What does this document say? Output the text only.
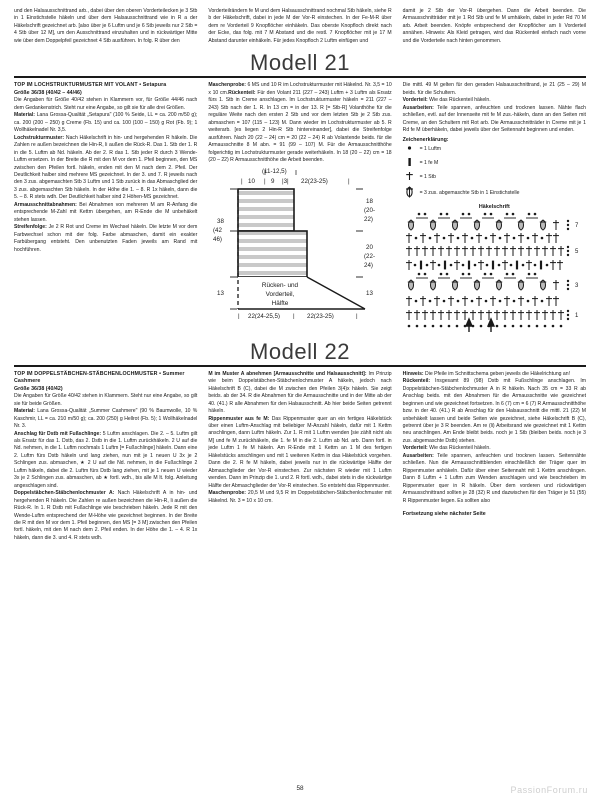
und den Halsausschnittrand arb., dabei über den oberen Vorderteilecken je 3 Stb in 1 Einstichstelle häkeln und über dem Halsausschnittrand wie in R a der Häkelschrift gezeichnet arb. [also über je 6 Luftm und je 6 Stb jeweils nur 2 Stb = 4 Stb über 12 M], um den Ausschnittrand einzuhalten und in rückwärtiger Mitte wie über dem Doppelpfeil gezeichnet 4 Stb ausführen. In folg. R über den

Vorderteilrändern fe M und dem Halsausschnittrand nochmal Stb häkeln, siehe R b der Häkelschrift, dabei in jede M der Vor-R einstechen. In der Fe-M-R über dem re Vorderteil 9 Knopflöcher einhäkeln. Das oberste Knopfloch direkt nach der Ecke, das folg. mit 7 M Abstand und die restl. 7 Knopflöcher mit je 17 M Abstand darunter einhäkeln. Für jedes Knopfloch 2 Luftm einfügen und

damit je 2 Stb der Vor-R übergehen. Dann die Arbeit beenden. Die Armausschnitträder mit je 1 Rd Stb und fe M umhäkeln, dabei in jeder Rd 70 M arb. Arbeit beenden. Knöpfe entsprechend der Knopflöcher am li Vorderteil annähen. Hinweis: Als Kleid getragen, wird das Rückenteil einfach nach vorne und die Vorderteile nach hinten genommen.

Modell 21
TOP IM LOCHSTRUKTURMUSTER MIT VOLANT • Setapura
Größe 36/38 (40/42 – 44/46)

Die Angaben für Größe 40/42 stehen in Klammern vor, für Größe 44/46 nach dem Gedankenstrich. Steht nur eine Angabe, so gilt sie für alle drei Größen.

Material: Lana Grossa-Qualität „Setapura" (100 % Seide, LL = ca. 200 m/50 g); ca. 200 (200 – 250) g Creme (Fb. 15) und ca. 100 (100 – 150) g Rot (Fb. 9); 1 Wollhäkelnadel Nr. 3,5.

Lochstrukturmuster: Nach Häkelschrift in hin- und hergehenden R häkeln. Die Zahlen re außen bezeichnen die Hin-R, li außen die Rück-R. Das 1. Stb der 1. R in die 5. Luftm ab Nd. häkeln. Ab der 2. R das 1. Stb jeder R durch 3 Wende-Luftm ersetzen. In der Breite die R mit den M vor dem 1. Pfeil beginnen, den MS zwischen den Pfeilen fortl. häkeln, enden mit den M nach dem 2. Pfeil. Der Deutlichkeit halber sind mehrere MS gezeichnet. In der 3. und 7. R jeweils nach den 3 zus. abgemaschten Stb 3 Luftm und 1 Stb zurück in das Abmaschglied der 3 zus. abgemaschten Stb häkeln. In der Höhe die 1. – 8. R 1x häkeln, dann die 5. – 8. R stets wdh. Der Deutlichkeit halber sind 2 Höhen-MS gezeichnet.

Armausschnittabnahmen: Bei Abnahmen von mehreren M am R-Anfang die entsprechende M-Zahl mit Kettm übergehen, am R-Ende die M unbehäkelt stehen lassen.

Streifenfolge: Je 2 R Rot und Creme im Wechsel häkeln. Die letzte M vor dem Farbwechsel schon mit der folg. Farbe abmaschen, damit ein exakter Farbübergang entsteht. Den unbenutzten Faden jeweils am Rand mit hochführen.

Maschenprobe: 6 MS und 10 R im Lochstrukturmuster mit Häkelnd. Nr. 3,5 = 10 x 10 cm.Rückenteil: Für den Volant 211 (227 – 243) Luftm + 3 Luftm als Ersatz fürs 1. Stb in Creme anschlagen. Im Lochstrukturmuster häkeln = 211 (227 – 243) Stb nach der 1. R. In 13 cm = in der 13. R [= Stb-R] Volanthöhe für die reguläre Weite nach den ersten 2 Stb und vor dem letzten Stb je 2 Stb zus. abmaschen = 107 (115 – 123) M. Dann wieder im Lochstrukturmuster ab 5. R weiterarb. [es liegen 2 Hin-R Stb hintereinander], dabei die Streifenfolge ausführen. Nach 20 (22 – 24) cm = 20 (22 – 24) R ab Volantende beids. für die Armausschnitte 8 M abn. = 91 (99 – 107) M. Für die Armausschnitthöhe folgerichtig im Lochstrukturmuster gerade weiterhäkeln. In 18 (20 – 22) cm = 18 (20 – 22) R Armausschnitthöhe die Arbeit beenden.

(11-12,5)
| 10 | 9 |3| 22(23-25)	|
38
(42
46)
13
18
(20-
22)
20
(22-
24)
13
Rücken- und
Vorderteil,
Hälfte
| 22(24-25,5) | 22(23-25)	|

Die mittl. 49 M gelten für den geraden Halsausschnittrand, je 21 (25 – 29) M beids. für die Schultern.

Vorderteil: Wie das Rückenteil häkeln.

Ausarbeiten: Teile spannen, anfeuchten und trocknen lassen. Nähte flach schließen, evtl. auf der Innenseite mit fe M zus.-häkeln, dann an den Seiten mit Creme, an den Schultern mit Rot arb. Die Armausschnitträder in Creme mit je 1 Rd fe M überhäkeln, dabei jeweils über der Seitennaht beginnen und enden.

Zeichenerklärung:
= 1 Luftm
= 1 fe M
= 1 Stb
= 3 zus. abgemaschte Stb in 1 Einstichstelle
Häkelschrift
1
3
5
7
Modell 22
TOP IM DOPPELSTÄBCHEN-STÄBCHENLOCHMUSTER • Summer Cashmere
Größe 36/38 (40/42)

Die Angaben für Größe 40/42 stehen in Klammern. Steht nur eine Angabe, so gilt sie für beide Größen.

Material: Lana Grossa-Qualität „Summer Cashmere" (90 % Baumwolle, 10 % Kaschmir, LL = ca. 210 m/50 g); ca. 200 (250) g Hellrot (Fb. 5); 1 Wollhäkelnadel Nr. 3.

Anschlag für Dstb mit Fußschlinge: 5 Luftm anschlagen. Die 2. – 5. Luftm gilt als Ersatz für das 1. Dstb, das 2. Dstb in die 1. Luftm zurückhäkeln. 2 U auf die Nd. nehmen, in die 1. Luftm nochmals 1 Luftm [= Fußschlinge] häkeln. Dann eine 2. Luftm fürs Dstb häkeln und lang ziehen, nun mit je 1 neuen U 3x je 2 Schlingen zus. abmaschen, ★ 2 U auf die Nd. nehmen, in die Fußschlinge 2 Luftm häkeln, dabei die 2. Luftm fürs Dstb lang ziehen, mit je 1 neuen U wieder 3x je 2 Schlingen zus. abmaschen, ab ★ fortl. wdh., bis alle M lt. folg. Anleitung angeschlagen sind.

Doppelstäbchen-Stäbchenlochmuster A: Nach Häkelschrift A in hin- und hergehenden R häkeln. Die Zahlen re außen bezeichnen die Hin-R, li außen die Rück-R. In 1. R Dstb mit Fußschlinge wie beschrieben häkeln. Jede R mit den Wende-Luftm entsprechend der M-Höhe wie gezeichnet beginnen. In der Breite die R mit den M vor dem 1. Pfeil beginnen, den MS [= 3 M] zwischen den Pfeilen fortl. häkeln, mit den M nach dem 2. Pfeil enden. In der Höhe die 1. – 4. R 1x häkeln, dann die 3. und 4. R stets wdh.

M im Muster A abnehmen [Armausschnitte und Halsausschnitt]: Im Prinzip wie beim Doppelstäbchen-Stäbchenlochmuster A häkeln, jedoch nach Häkelschrift B (C), dabei die M zwischen den Pfeilen 3(4)x häkeln. Sie zeigt beids. ab der 34. R die Abnahmen für die Armausschnitte und in der Mitte ab der 40. (41.) R alle Abnahmen für den Halsausschnitt. Ab hier beide Seiten getrennt häkeln.

Rippenmuster aus fe M: Das Rippenmuster quer an ein fertiges Häkelstück über einen Luftm-Anschlag mit beliebiger M-Anzahl häkeln, dafür mit 1 Kettm anschlingen, dann Luftm häkeln. Zur 1. R mit 1 Luftm wenden [sie zählt nicht als M] und fe M zurückhäkeln, die 1. fe M in die 2. Luftm ab Nd. arb. Dann fortl. in jede Luftm 1 fe M häkeln. Am R-Ende mit 1 Kettm an 1 M des fertigen Häkelstücks anschlingen und mit 1 weiteren Kettm in das Häkelstück vorgehen. Dann die 2. R fe M häkeln, dabei jeweils nur in die rückwärtige Hälfte der Abmaschglieder der Vor-R einstechen. Zur nächsten R wieder mit 1 Luftm wenden. Dann im Prinzip die 1. und 2. R fortl. wdh., dabei stets in die rückwärtige Hälfte der Abmaschglieder der Vor-R einstechen. So entsteht das Rippenmuster.

Maschenprobe: 20,5 M und 9,5 R im Doppelstäbchen-Stäbchenlochmuster mit Häkelnd. Nr. 3 = 10 x 10 cm.

Hinweis: Die Pfeile im Schnittschema geben jeweils die Häkelrichtung an!

Rückenteil: Insgesamt 89 (98) Dstb mit Fußschlinge anschlagen. Im Doppelstäbchen-Stäbchenlochmuster A in R häkeln. Nach 35 cm = 33 R ab Anschlag beids. mit den Abnahmen für die Armausschnitte wie gezeichnet beginnen und wie gezeichnet fortsetzen. In 6 (7) cm = 6 (7) R Armausschnitthöhe bzw. in der 40. (41.) R ab Anschlag für den Halsausschnitt die mittl. 21 (22) M unbehäkelt lassen und beide Seiten wie gezeichnet, siehe Häkelschrift B (C), getrennt über je 3 R beenden. Am re (li) Arbeitsrand wie gezeichnet mit 1 Kettm neu anschlingen. Am Ende bleibt beids. noch je 1 Stb (bleiben beids. noch je 3 zus. abgemaschte Dstb) stehen.

Vorderteil: Wie das Rückenteil häkeln.

Ausarbeiten: Teile spannen, anfeuchten und trocknen lassen. Seitennähte schließen. Nun die Armausschnittblenden einschließlich der Träger quer im Rippenmuster anhäkeln. Dafür über einer Seitennaht mit 1 Kettm anschlingen. Dann 8 Luftm + 1 Luftm zum Wenden anschlagen und wie beschrieben im Rippenmuster quer in R häkeln. Über dem vorderen und rückwärtigen Armausschnittrand sollten je 28 (32) R und dazwischen für den Träger je 51 (55) R Rippenmuster liegen. Es sollten also

Fortsetzung siehe nächster Seite
58	PassionForum.ru
